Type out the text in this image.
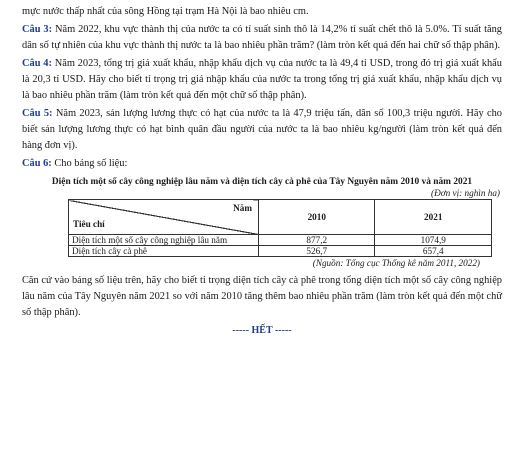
mực nước thấp nhất của sông Hồng tại trạm Hà Nội là bao nhiêu cm.

Câu 3: Năm 2022, khu vực thành thị của nước ta có tỉ suất sinh thô là 14,2% tỉ suất chết thô là 5.0%. Tỉ suất tăng dân số tự nhiên của khu vực thành thị nước ta là bao nhiêu phần trăm? (làm tròn kết quả đến hai chữ số thập phân).

Câu 4: Năm 2023, tổng trị giá xuất khẩu, nhập khẩu dịch vụ của nước ta là 49,4 tỉ USD, trong đó trị giá xuất khẩu là 20,3 tỉ USD. Hãy cho biết tỉ trọng trị giá nhập khẩu của nước ta trong tổng trị giá xuất khẩu, nhập khẩu dịch vụ là bao nhiêu phần trăm (làm tròn kết quả đến một chữ số thập phân).

Câu 5: Năm 2023, sản lượng lương thực có hạt của nước ta là 47,9 triệu tấn, dân số 100,3 triệu người. Hãy cho biết sản lượng lương thực có hạt bình quân đầu người của nước ta là bao nhiêu kg/người (làm tròn kết quả đến hàng đơn vị).

Câu 6: Cho bảng số liệu:

Diện tích một số cây công nghiệp lâu năm và diện tích cây cà phê của Tây Nguyên năm 2010 và năm 2021
(Đơn vị: nghìn ha)
Năm
Tiêu chí	2010	2021
Diện tích một số cây công nghiệp lâu năm	877,2	1074,9
Diện tích cây cà phê	526,7	657,4
(Nguồn: Tổng cục Thống kê năm 2011, 2022)

Căn cứ vào bảng số liệu trên, hãy cho biết tỉ trọng diện tích cây cà phê trong tổng diện tích một số cây công nghiệp lâu năm của Tây Nguyên năm 2021 so với năm 2010 tăng thêm bao nhiêu phần trăm (làm tròn kết quả đến một chữ số thập phân).

----- HẾT -----
